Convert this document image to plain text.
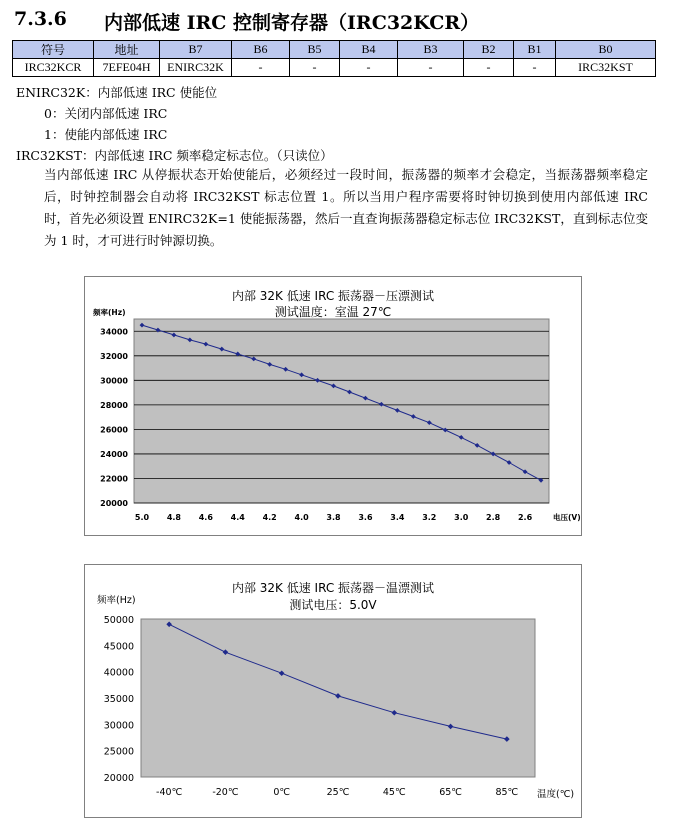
7.3.6 内部低速 IRC 控制寄存器（IRC32KCR）
符号	地址	B7	B6	B5	B4	B3	B2	B1	B0
IRC32KCR	7EFE04H	ENIRC32K	-	-	-	-	-	-	IRC32KST
ENIRC32K：内部低速 IRC 使能位
0：关闭内部低速 IRC
1：使能内部低速 IRC
IRC32KST：内部低速 IRC 频率稳定标志位。（只读位）
当内部低速 IRC 从停振状态开始使能后，必须经过一段时间，振荡器的频率才会稳定，当振荡器频率稳定后，时钟控制器会自动将 IRC32KST 标志位置 1。所以当用户程序需要将时钟切换到使用内部低速 IRC 时，首先必须设置 ENIRC32K=1 使能振荡器，然后一直查询振荡器稳定标志位 IRC32KST，直到标志位变为 1 时，才可进行时钟源切换。
内部 32K 低速 IRC 振荡器－压漂测试
测试温度：室温 27℃
34000
32000
30000
28000
26000
24000
22000
20000
5.0 4.8 4.6 4.4 4.2 4.0 3.8 3.6 3.4 3.2 3.0 2.8 2.6
频率(Hz)
电压(V)
内部 32K 低速 IRC 振荡器－温漂测试
测试电压：5.0V
50000
45000
40000
35000
30000
25000
20000
-40℃	-20℃	0℃	25℃	45℃	65℃	85℃
频率(Hz)
温度(℃)
